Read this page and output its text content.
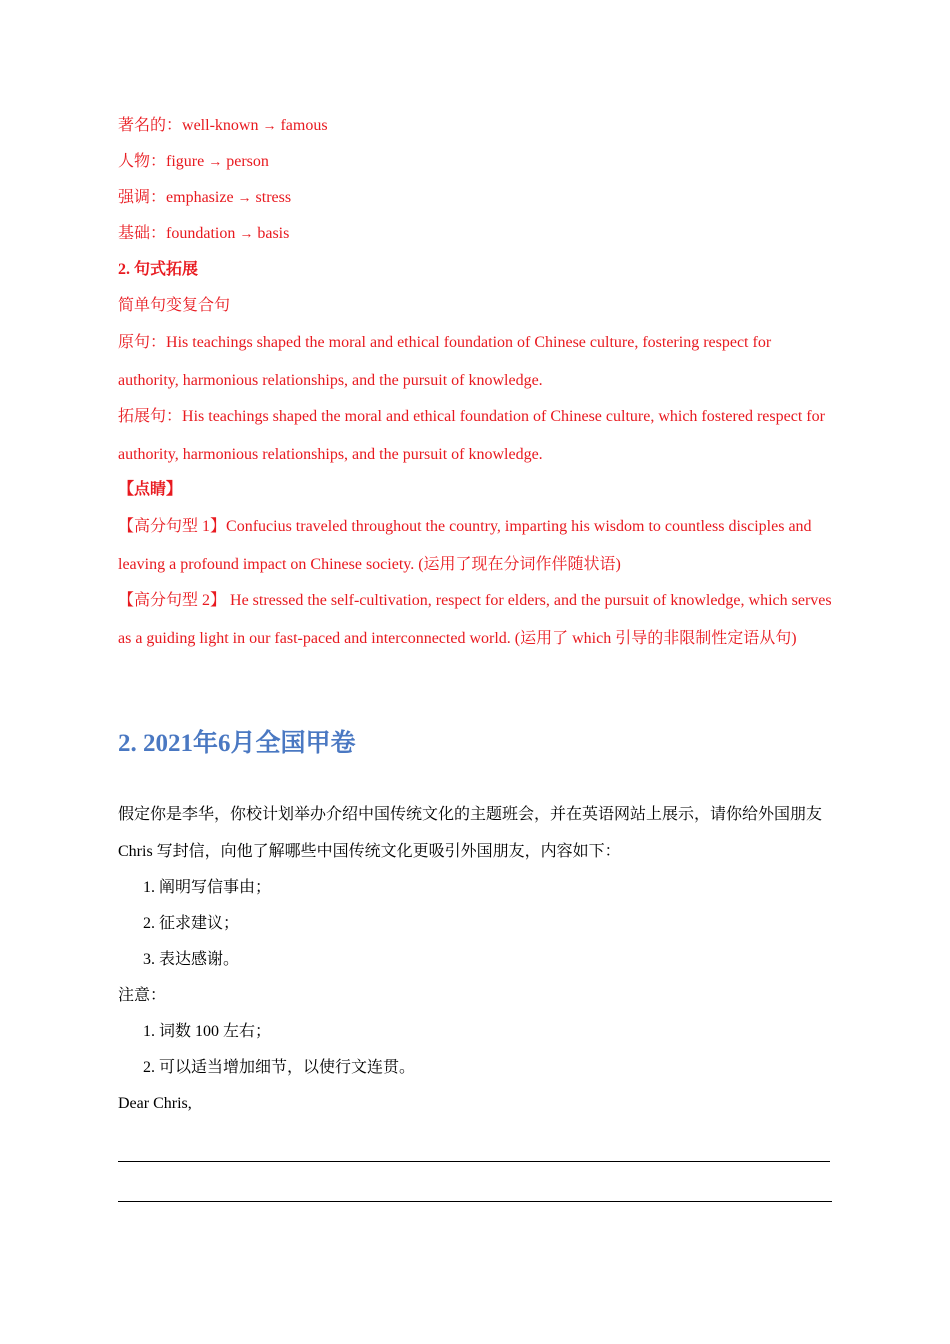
著名的：well-known → famous
人物：figure → person
强调：emphasize → stress
基础：foundation → basis
2. 句式拓展
简单句变复合句
原句：His teachings shaped the moral and ethical foundation of Chinese culture, fostering respect for authority, harmonious relationships, and the pursuit of knowledge.
拓展句：His teachings shaped the moral and ethical foundation of Chinese culture, which fostered respect for authority, harmonious relationships, and the pursuit of knowledge.
【点睛】
【高分句型 1】Confucius traveled throughout the country, imparting his wisdom to countless disciples and leaving a profound impact on Chinese society. (运用了现在分词作伴随状语)
【高分句型 2】 He stressed the self-cultivation, respect for elders, and the pursuit of knowledge, which serves as a guiding light in our fast-paced and interconnected world. (运用了 which 引导的非限制性定语从句)
2. 2021年6月全国甲卷
假定你是李华，你校计划举办介绍中国传统文化的主题班会，并在英语网站上展示，请你给外国朋友 Chris 写封信，向他了解哪些中国传统文化更吸引外国朋友，内容如下：
1. 阐明写信事由；
2. 征求建议；
3. 表达感谢。
注意：
1. 词数 100 左右；
2. 可以适当增加细节，以使行文连贯。
Dear Chris,
